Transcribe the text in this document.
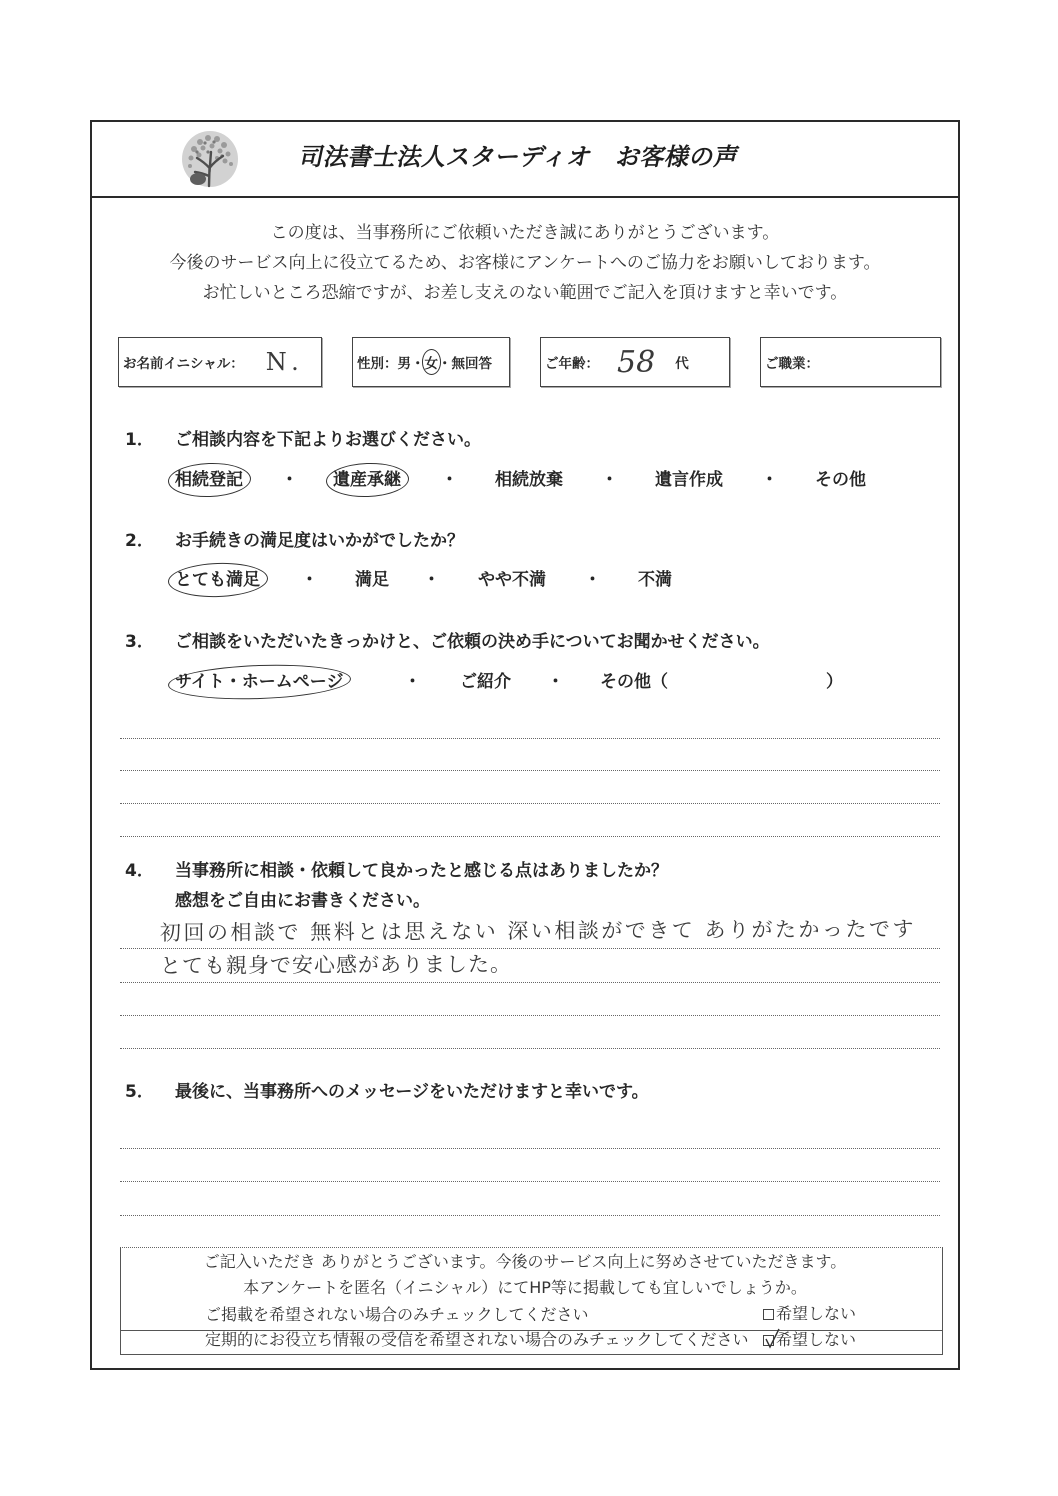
司法書士法人スターディオ　お客様の声
この度は、当事務所にご依頼いただき誠にありがとうございます。
今後のサービス向上に役立てるため、お客様にアンケートへのご協力をお願いしております。
お忙しいところ恐縮ですが、お差し支えのない範囲でご記入を頂けますと幸いです。
お名前イニシャル： N.	性別： 男 ・ 女 ・ 無回答	ご年齢： 58 代	ご職業：
1． ご相談内容を下記よりお選びください。
相続登記 ・ 遺産承継 ・ 相続放棄 ・ 遺言作成 ・ その他
2． お手続きの満足度はいかがでしたか？
とても満足 ・ 満足 ・ やや不満 ・ 不満
3． ご相談をいただいたきっかけと、ご依頼の決め手についてお聞かせください。
サイト・ホームページ	・ ご紹介 ・ その他（	）
4． 当事務所に相談・依頼して良かったと感じる点はありましたか？
感想をご自由にお書きください。
初回の相談で 無料とは思えない 深い相談ができて ありがたかったです
とても親身で安心感がありました。
5． 最後に、当事務所へのメッセージをいただけますと幸いです。
ご記入いただき ありがとうございます。今後のサービス向上に努めさせていただきます。
本アンケートを匿名（イニシャル）にてHP等に掲載しても宜しいでしょうか。
ご掲載を希望されない場合のみチェックしてください	希望しない
定期的にお役立ち情報の受信を希望されない場合のみチェックしてください 希望しない
